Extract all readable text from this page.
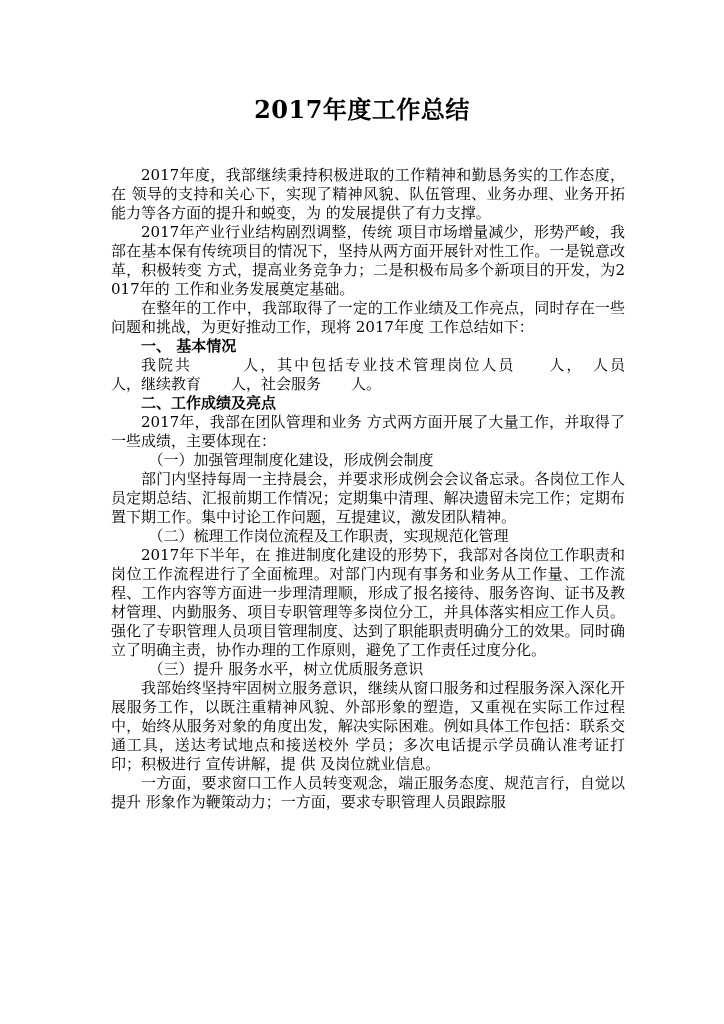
2017年度工作总结

2017年度，我部继续秉持积极进取的工作精神和勤恳务实的工作态度，在 领导的支持和关心下，实现了精神风貌、队伍管理、业务办理、业务开拓能力等各方面的提升和蜕变，为 的发展提供了有力支撑。

2017年产业行业结构剧烈调整，传统 项目市场增量减少，形势严峻，我部在基本保有传统项目的情况下，坚持从两方面开展针对性工作。一是锐意改革，积极转变 方式，提高业务竞争力；二是积极布局多个新项目的开发，为2017年的 工作和业务发展奠定基础。

在整年的工作中，我部取得了一定的工作业绩及工作亮点，同时存在一些问题和挑战，为更好推动工作，现将 2017年度 工作总结如下：

一、 基本情况

我院共　　　人，其中包括专业技术管理岗位人员　　人，　人员　　人，继续教育　　人，社会服务　　人。

二、工作成绩及亮点

2017年，我部在团队管理和业务 方式两方面开展了大量工作，并取得了一些成绩，主要体现在：

（一）加强管理制度化建设，形成例会制度

部门内坚持每周一主持晨会，并要求形成例会会议备忘录。各岗位工作人员定期总结、汇报前期工作情况；定期集中清理、解决遗留未完工作；定期布置下期工作。集中讨论工作问题，互提建议，激发团队精神。

（二）梳理工作岗位流程及工作职责，实现规范化管理

2017年下半年，在 推进制度化建设的形势下，我部对各岗位工作职责和岗位工作流程进行了全面梳理。对部门内现有事务和业务从工作量、工作流程、工作内容等方面进一步理清理顺，形成了报名接待、服务咨询、证书及教材管理、内勤服务、项目专职管理等多岗位分工，并具体落实相应工作人员。强化了专职管理人员项目管理制度、达到了职能职责明确分工的效果。同时确立了明确主责，协作办理的工作原则，避免了工作责任过度分化。

（三）提升 服务水平，树立优质服务意识

我部始终坚持牢固树立服务意识，继续从窗口服务和过程服务深入深化开展服务工作，以既注重精神风貌、外部形象的塑造，又重视在实际工作过程中，始终从服务对象的角度出发，解决实际困难。例如具体工作包括：联系交通工具，送达考试地点和接送校外 学员；多次电话提示学员确认准考证打印；积极进行 宣传讲解，提 供 及岗位就业信息。

一方面，要求窗口工作人员转变观念，端正服务态度、规范言行，自觉以提升 形象作为鞭策动力；一方面，要求专职管理人员跟踪服
